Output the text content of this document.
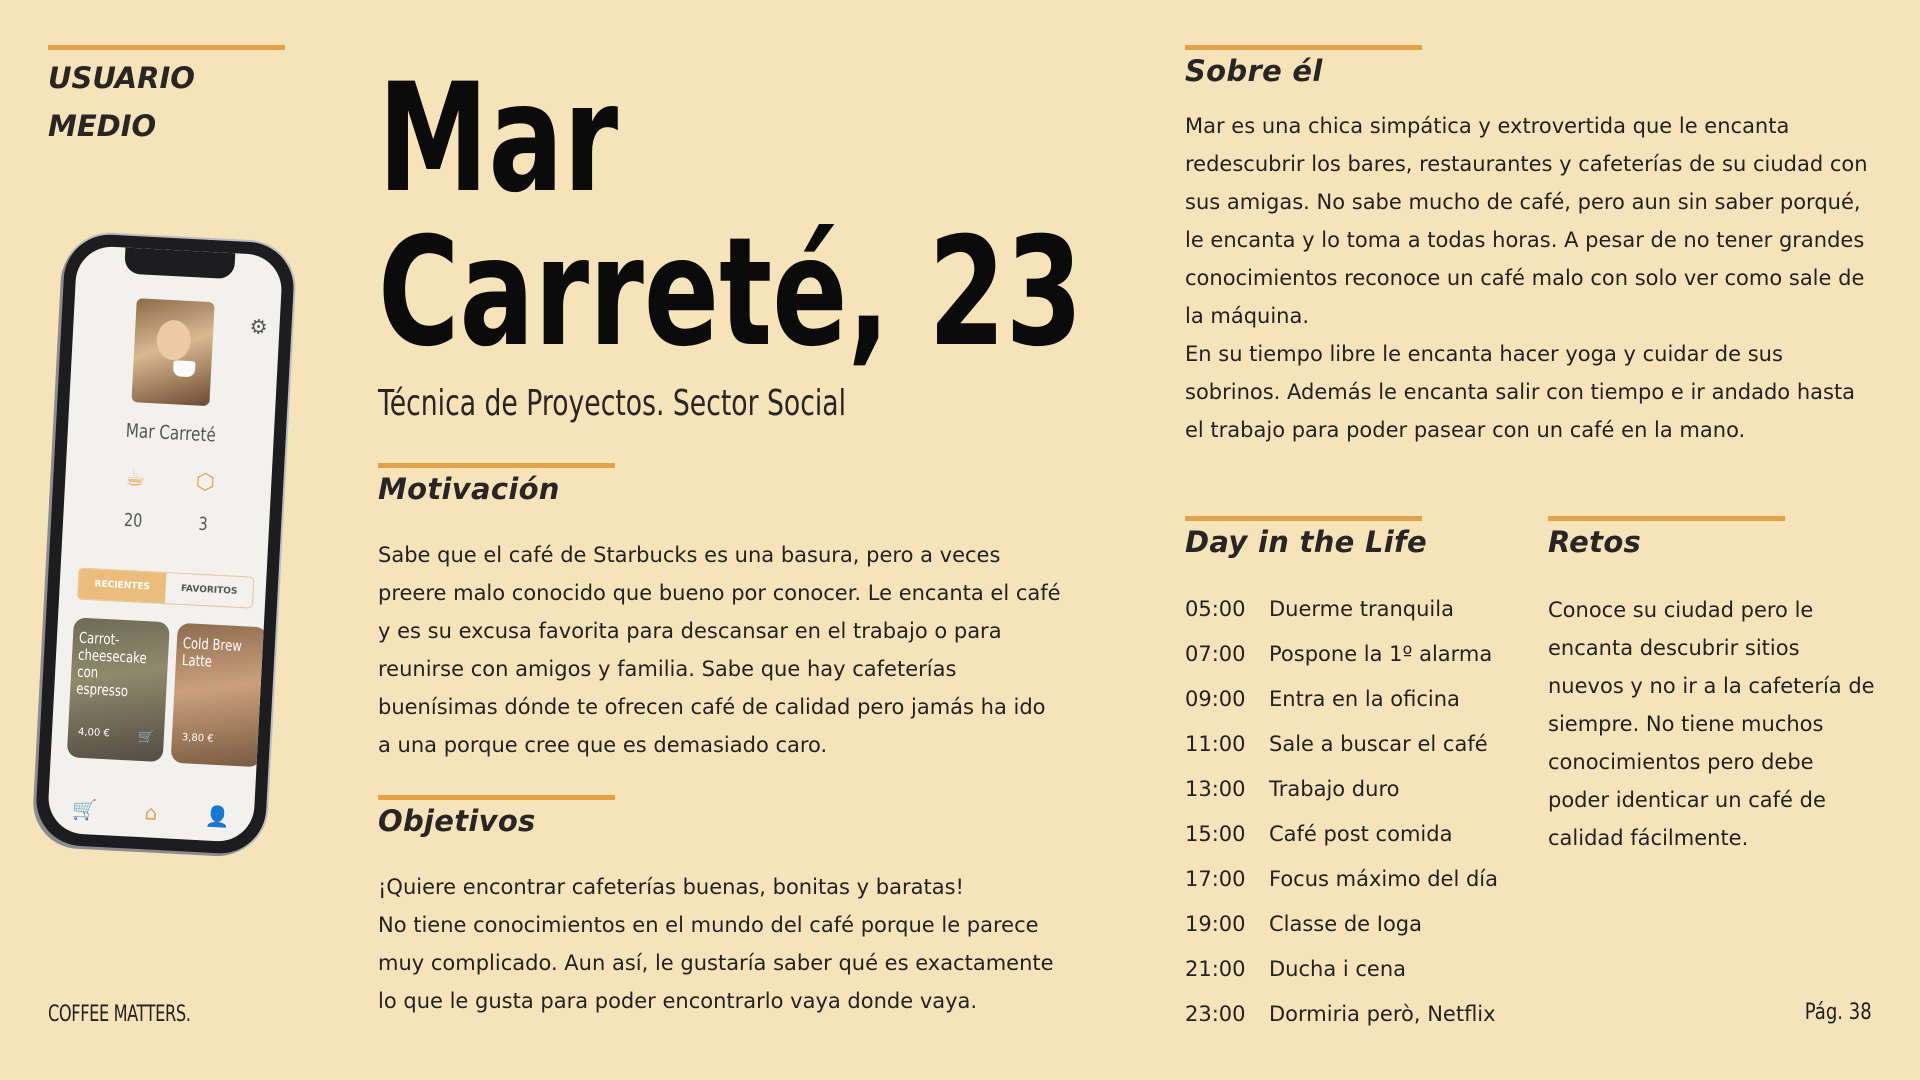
USUARIO
MEDIO
⚙
Mar Carreté
☕	⬡
20	3
RECIENTES	FAVORITOS
Carrot-cheesecake con espresso
4,00 € 🛒
Cold Brew Latte
3,80 €
🛒 ⌂ 👤
COFFEE MATTERS.	Pág. 38
Mar
Carreté, 23
Técnica de Proyectos. Sector Social
Motivación
Sabe que el café de Starbucks es una basura, pero a veces preere malo conocido que bueno por conocer. Le encanta el café y es su excusa favorita para descansar en el trabajo o para reunirse con amigos y familia. Sabe que hay cafeterías buenísimas dónde te ofrecen café de calidad pero jamás ha ido a una porque cree que es demasiado caro.
Objetivos

¡Quiere encontrar cafeterías buenas, bonitas y baratas!

No tiene conocimientos en el mundo del café porque le parece muy complicado. Aun así, le gustaría saber qué es exactamente lo que le gusta para poder encontrarlo vaya donde vaya.

Sobre él

Mar es una chica simpática y extrovertida que le encanta redescubrir los bares, restaurantes y cafeterías de su ciudad con sus amigas. No sabe mucho de café, pero aun sin saber porqué, le encanta y lo toma a todas horas. A pesar de no tener grandes conocimientos reconoce un café malo con solo ver como sale de la máquina.

En su tiempo libre le encanta hacer yoga y cuidar de sus sobrinos. Además le encanta salir con tiempo e ir andado hasta el trabajo para poder pasear con un café en la mano.

Day in the Life
05:00 Duerme tranquila
07:00 Pospone la 1º alarma
09:00 Entra en la oficina
11:00 Sale a buscar el café
13:00 Trabajo duro
15:00 Café post comida
17:00 Focus máximo del día
19:00 Classe de Ioga
21:00 Ducha i cena
23:00 Dormiria però, Netflix
Retos
Conoce su ciudad pero le encanta descubrir sitios nuevos y no ir a la cafetería de siempre. No tiene muchos conocimientos pero debe poder identicar un café de calidad fácilmente.
